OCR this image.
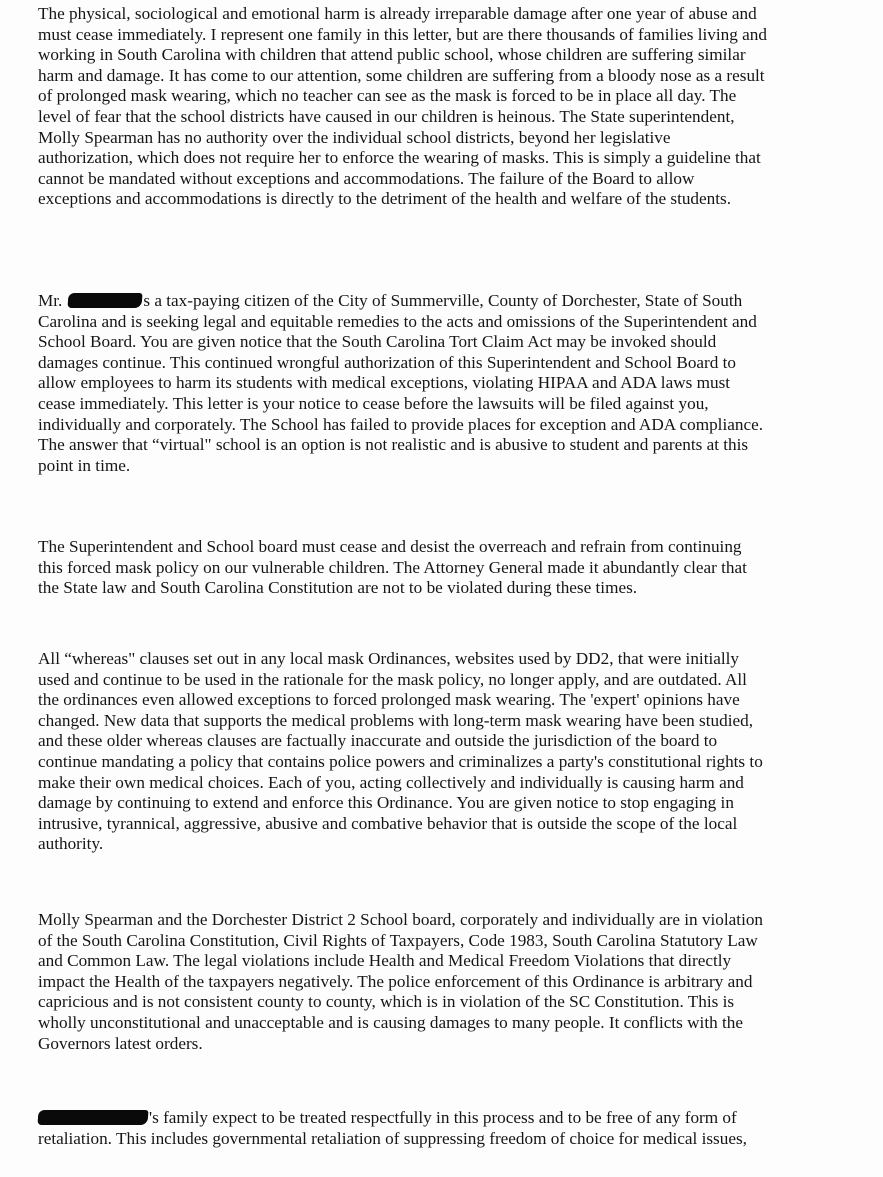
The physical, sociological and emotional harm is already irreparable damage after one year of abuse and
must cease immediately. I represent one family in this letter, but are there thousands of families living and
working in South Carolina with children that attend public school, whose children are suffering similar
harm and damage. It has come to our attention, some children are suffering from a bloody nose as a result
of prolonged mask wearing, which no teacher can see as the mask is forced to be in place all day. The
level of fear that the school districts have caused in our children is heinous. The State superintendent,
Molly Spearman has no authority over the individual school districts, beyond her legislative
authorization, which does not require her to enforce the wearing of masks. This is simply a guideline that
cannot be mandated without exceptions and accommodations. The failure of the Board to allow
exceptions and accommodations is directly to the detriment of the health and welfare of the students.

Mr.	s a tax-paying citizen of the City of Summerville, County of Dorchester, State of South
Carolina and is seeking legal and equitable remedies to the acts and omissions of the Superintendent and
School Board. You are given notice that the South Carolina Tort Claim Act may be invoked should
damages continue. This continued wrongful authorization of this Superintendent and School Board to
allow employees to harm its students with medical exceptions, violating HIPAA and ADA laws must
cease immediately. This letter is your notice to cease before the lawsuits will be filed against you,
individually and corporately. The School has failed to provide places for exception and ADA compliance.
The answer that “virtual" school is an option is not realistic and is abusive to student and parents at this
point in time.

The Superintendent and School board must cease and desist the overreach and refrain from continuing
this forced mask policy on our vulnerable children. The Attorney General made it abundantly clear that
the State law and South Carolina Constitution are not to be violated during these times.

All “whereas" clauses set out in any local mask Ordinances, websites used by DD2, that were initially
used and continue to be used in the rationale for the mask policy, no longer apply, and are outdated. All
the ordinances even allowed exceptions to forced prolonged mask wearing. The 'expert' opinions have
changed. New data that supports the medical problems with long-term mask wearing have been studied,
and these older whereas clauses are factually inaccurate and outside the jurisdiction of the board to
continue mandating a policy that contains police powers and criminalizes a party's constitutional rights to
make their own medical choices. Each of you, acting collectively and individually is causing harm and
damage by continuing to extend and enforce this Ordinance. You are given notice to stop engaging in
intrusive, tyrannical, aggressive, abusive and combative behavior that is outside the scope of the local
authority.

Molly Spearman and the Dorchester District 2 School board, corporately and individually are in violation
of the South Carolina Constitution, Civil Rights of Taxpayers, Code 1983, South Carolina Statutory Law
and Common Law. The legal violations include Health and Medical Freedom Violations that directly
impact the Health of the taxpayers negatively. The police enforcement of this Ordinance is arbitrary and
capricious and is not consistent county to county, which is in violation of the SC Constitution. This is
wholly unconstitutional and unacceptable and is causing damages to many people. It conflicts with the
Governors latest orders.

's family expect to be treated respectfully in this process and to be free of any form of
retaliation. This includes governmental retaliation of suppressing freedom of choice for medical issues,
